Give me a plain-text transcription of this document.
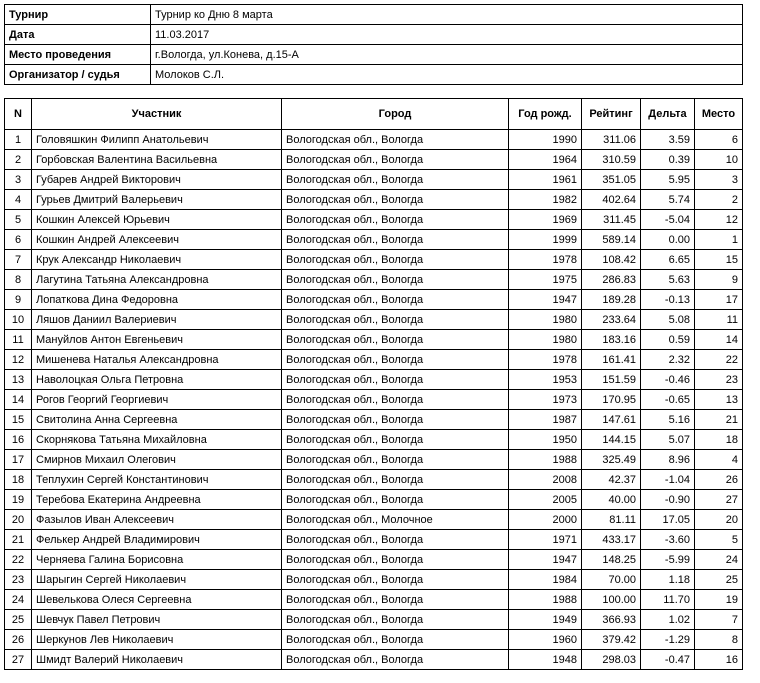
Турнир	Турнир ко Дню 8 марта
Дата	11.03.2017
Место проведения	г.Вологда, ул.Конева, д.15-А
Организатор / судья	Молоков С.Л.
N	Участник	Город	Год рожд.	Рейтинг	Дельта	Место
1	Головяшкин Филипп Анатольевич	Вологодская обл., Вологда	1990	311.06	3.59	6
2	Горбовская Валентина Васильевна	Вологодская обл., Вологда	1964	310.59	0.39	10
3	Губарев Андрей Викторович	Вологодская обл., Вологда	1961	351.05	5.95	3
4	Гурьев Дмитрий Валерьевич	Вологодская обл., Вологда	1982	402.64	5.74	2
5	Кошкин Алексей Юрьевич	Вологодская обл., Вологда	1969	311.45	-5.04	12
6	Кошкин Андрей Алексеевич	Вологодская обл., Вологда	1999	589.14	0.00	1
7	Крук Александр Николаевич	Вологодская обл., Вологда	1978	108.42	6.65	15
8	Лагутина Татьяна Александровна	Вологодская обл., Вологда	1975	286.83	5.63	9
9	Лопаткова Дина Федоровна	Вологодская обл., Вологда	1947	189.28	-0.13	17
10	Ляшов Даниил Валериевич	Вологодская обл., Вологда	1980	233.64	5.08	11
11	Мануйлов Антон Евгеньевич	Вологодская обл., Вологда	1980	183.16	0.59	14
12	Мишенева Наталья Александровна	Вологодская обл., Вологда	1978	161.41	2.32	22
13	Наволоцкая Ольга Петровна	Вологодская обл., Вологда	1953	151.59	-0.46	23
14	Рогов Георгий Георгиевич	Вологодская обл., Вологда	1973	170.95	-0.65	13
15	Свитолина Анна Сергеевна	Вологодская обл., Вологда	1987	147.61	5.16	21
16	Скорнякова Татьяна Михайловна	Вологодская обл., Вологда	1950	144.15	5.07	18
17	Смирнов Михаил Олегович	Вологодская обл., Вологда	1988	325.49	8.96	4
18	Теплухин Сергей Константинович	Вологодская обл., Вологда	2008	42.37	-1.04	26
19	Теребова Екатерина Андреевна	Вологодская обл., Вологда	2005	40.00	-0.90	27
20	Фазылов Иван Алексеевич	Вологодская обл., Молочное	2000	81.11	17.05	20
21	Фелькер Андрей Владимирович	Вологодская обл., Вологда	1971	433.17	-3.60	5
22	Черняева Галина Борисовна	Вологодская обл., Вологда	1947	148.25	-5.99	24
23	Шарыгин Сергей Николаевич	Вологодская обл., Вологда	1984	70.00	1.18	25
24	Шевелькова Олеся Сергеевна	Вологодская обл., Вологда	1988	100.00	11.70	19
25	Шевчук Павел Петрович	Вологодская обл., Вологда	1949	366.93	1.02	7
26	Шеркунов Лев Николаевич	Вологодская обл., Вологда	1960	379.42	-1.29	8
27	Шмидт Валерий Николаевич	Вологодская обл., Вологда	1948	298.03	-0.47	16
